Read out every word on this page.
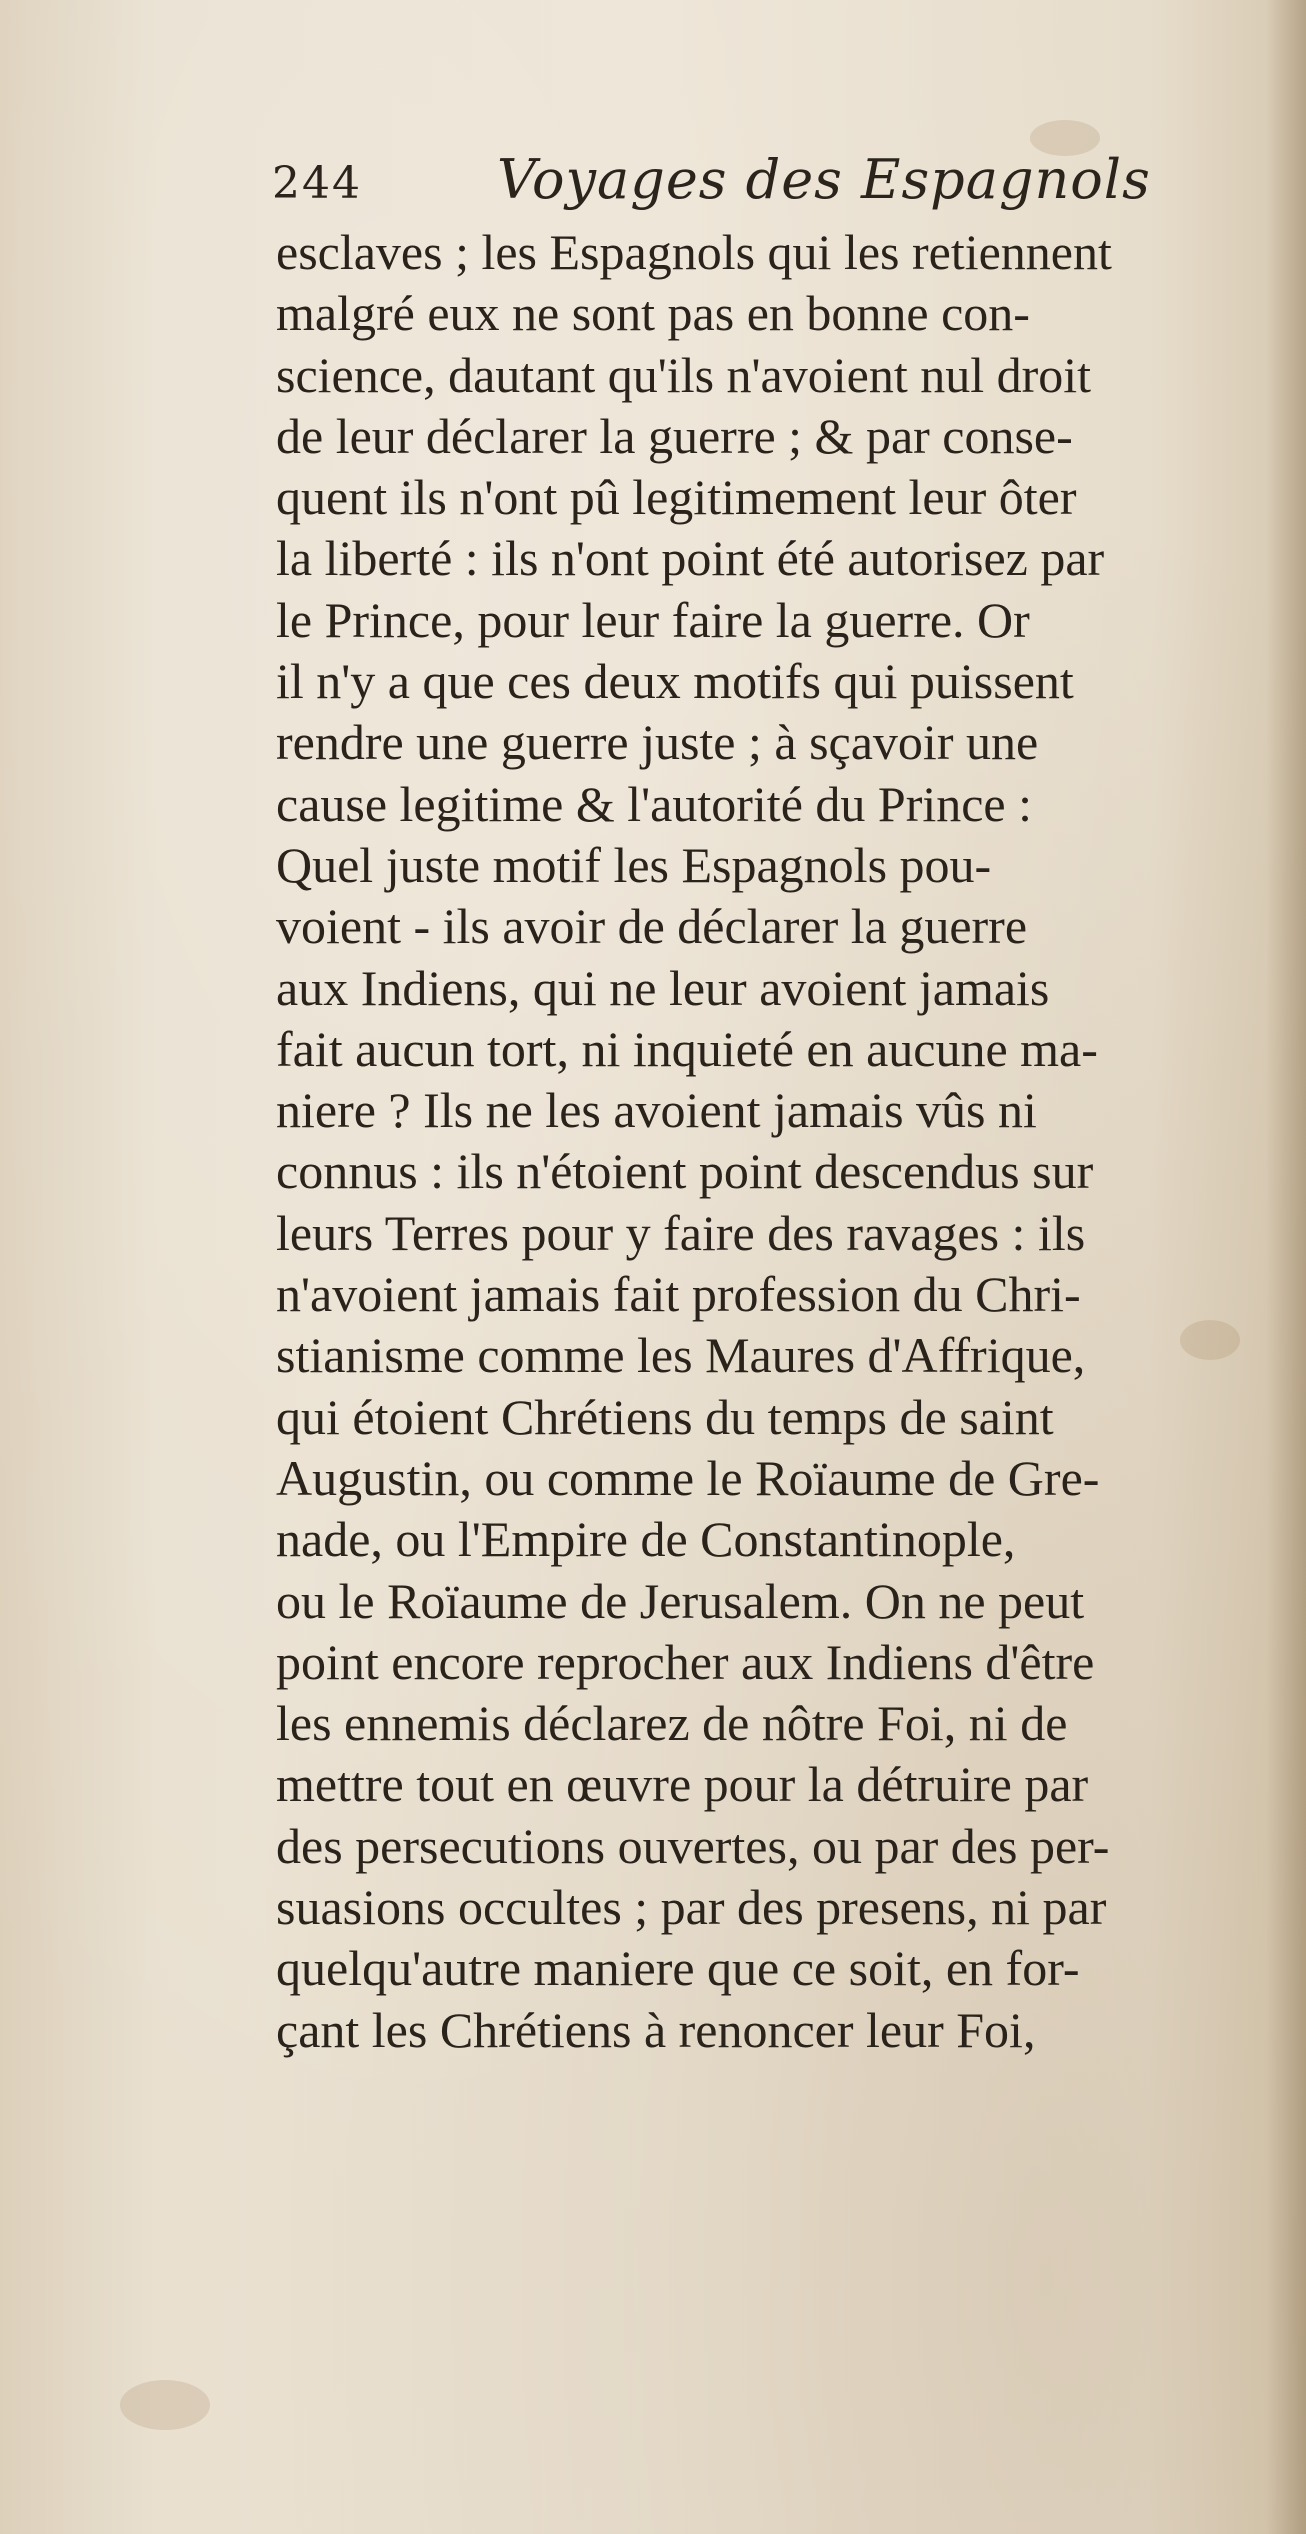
244	Voyages des Espagnols
esclaves ; les Espagnols qui les retiennent
malgré eux ne sont pas en bonne con-
science, dautant qu'ils n'avoient nul droit
de leur déclarer la guerre ; & par conse-
quent ils n'ont pû legitimement leur ôter
la liberté : ils n'ont point été autorisez par
le Prince, pour leur faire la guerre. Or
il n'y a que ces deux motifs qui puissent
rendre une guerre juste ; à sçavoir une
cause legitime & l'autorité du Prince :
Quel juste motif les Espagnols pou-
voient - ils avoir de déclarer la guerre
aux Indiens, qui ne leur avoient jamais
fait aucun tort, ni inquieté en aucune ma-
niere ? Ils ne les avoient jamais vûs ni
connus : ils n'étoient point descendus sur
leurs Terres pour y faire des ravages : ils
n'avoient jamais fait profession du Chri-
stianisme comme les Maures d'Affrique,
qui étoient Chrétiens du temps de saint
Augustin, ou comme le Roïaume de Gre-
nade, ou l'Empire de Constantinople,
ou le Roïaume de Jerusalem. On ne peut
point encore reprocher aux Indiens d'être
les ennemis déclarez de nôtre Foi, ni de
mettre tout en œuvre pour la détruire par
des persecutions ouvertes, ou par des per-
suasions occultes ; par des presens, ni par
quelqu'autre maniere que ce soit, en for-
çant les Chrétiens à renoncer leur Foi,
